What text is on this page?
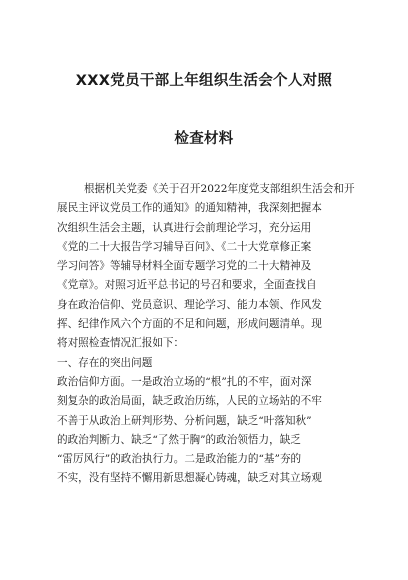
XXX党员干部上年组织生活会个人对照
检查材料
根据机关党委《关于召开2022年度党支部组织生活会和开
展民主评议党员工作的通知》的通知精神，我深刻把握本
次组织生活会主题，认真进行会前理论学习，充分运用
《党的二十大报告学习辅导百问》、《二十大党章修正案
学习问答》等辅导材料全面专题学习党的二十大精神及
《党章》。对照习近平总书记的号召和要求，全面查找自
身在政治信仰、党员意识、理论学习、能力本领、作风发
挥、纪律作风六个方面的不足和问题，形成问题清单。现
将对照检查情况汇报如下：
一、存在的突出问题
政治信仰方面。一是政治立场的“根”扎的不牢，面对深
刻复杂的政治局面，缺乏政治历练，人民的立场站的不牢
不善于从政治上研判形势、分析问题，缺乏“叶落知秋”
的政治判断力、缺乏“了然于胸”的政治领悟力，缺乏
“雷厉风行”的政治执行力。二是政治能力的“基”夯的
不实，没有坚持不懈用新思想凝心铸魂，缺乏对其立场观
